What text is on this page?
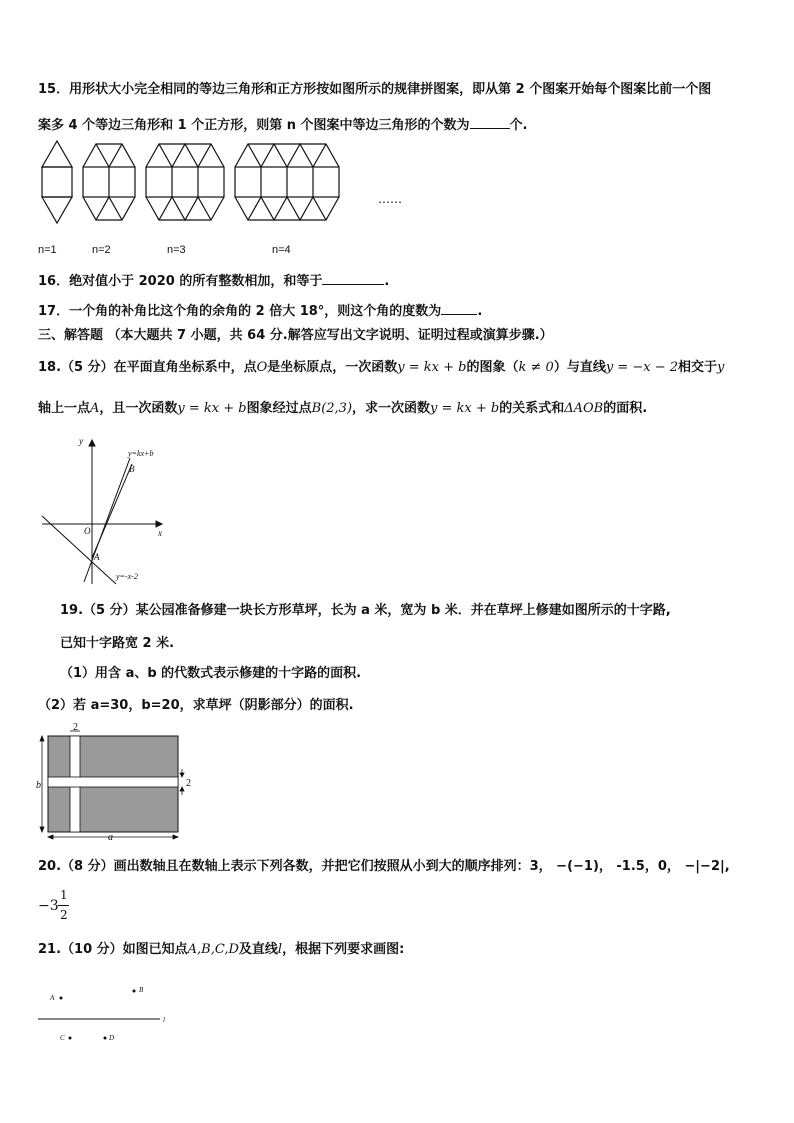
15．用形状大小完全相同的等边三角形和正方形按如图所示的规律拼图案，即从第 2 个图案开始每个图案比前一个图
案多 4 个等边三角形和 1 个正方形，则第 n 个图案中等边三角形的个数为	个.
……
n=1	n=2	n=3	n=4
16．绝对值小于 2020 的所有整数相加，和等于	.
17．一个角的补角比这个角的余角的 2 倍大 18°，则这个角的度数为	.
三、解答题 （本大题共 7 小题，共 64 分.解答应写出文字说明、证明过程或演算步骤.）
18.（5 分）在平面直角坐标系中，点O是坐标原点，一次函数y = kx + b的图象（k ≠ 0）与直线y = −x − 2相交于y
轴上一点A，且一次函数y = kx + b图象经过点B(2,3)，求一次函数y = kx + b的关系式和ΔAOB的面积.
y
x
O
A
B
y=kx+b
y=-x-2
19.（5 分）某公园准备修建一块长方形草坪，长为 a 米，宽为 b 米．并在草坪上修建如图所示的十字路,
已知十字路宽 2 米.
（1）用含 a、b 的代数式表示修建的十字路的面积.
（2）若 a=30，b=20，求草坪（阴影部分）的面积.
2
2
b
a
20.（8 分）画出数轴且在数轴上表示下列各数，并把它们按照从小到大的顺序排列：3， −(−1)， -1.5，0， −|−2|,
−3
1
2
21.（10 分）如图已知点A,B,C,D及直线l，根据下列要求画图:
A
B
C	D
l
